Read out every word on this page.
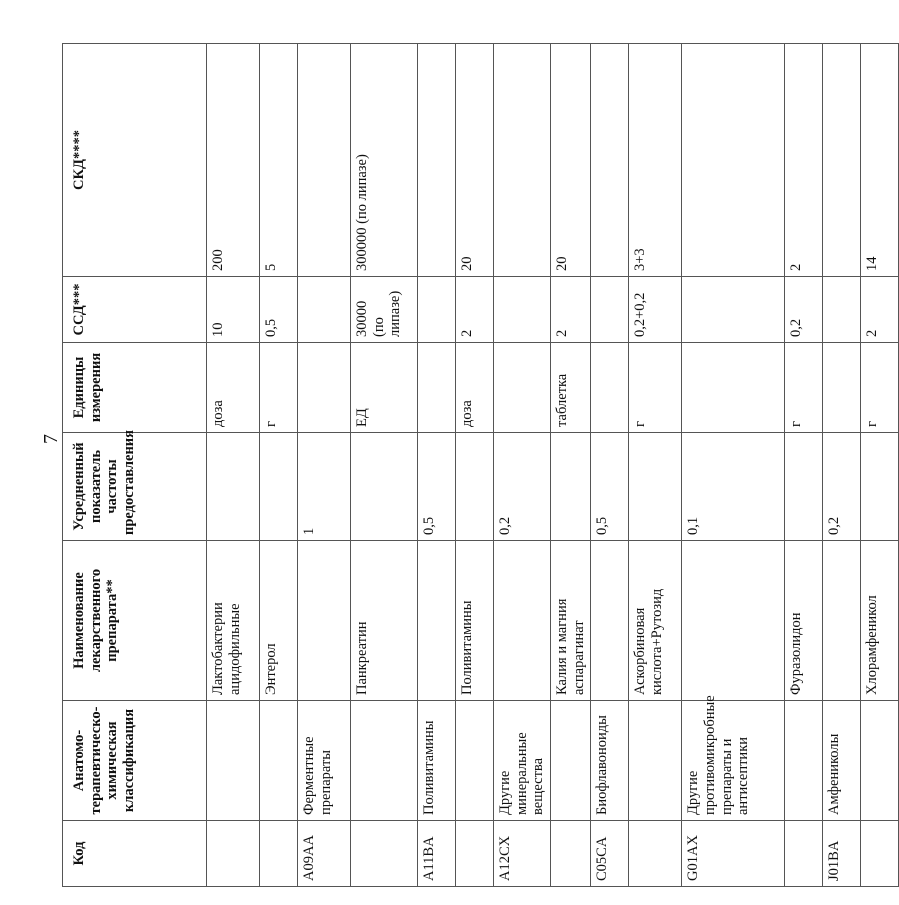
7
Код	Анатомо-терапевтическо-химическая классификация	Наименование лекарственного препарата**	Усредненный показатель частоты предоставления	Единицы измерения	ССД***	СКД****
		Лактобактерии ацидофильные		доза	10	200
		Энтерол		г	0,5	5
A09AA	Ферментные препараты		1			
		Панкреатин		ЕД	30000 (по липазе)	300000 (по липазе)
A11BA	Поливитамины		0,5			
		Поливитамины		доза	2	20
A12CX	Другие минеральные вещества		0,2			
		Калия и магния аспарагинат		таблетка	2	20
C05CA	Биофлавоноиды		0,5			
		Аскорбиновая кислота+Рутозид		г	0,2+0,2	3+3
G01AX	Другие противомикробные препараты и антисептики		0,1			
		Фуразолидон		г	0,2	2
J01BA	Амфениколы		0,2			
		Хлорамфеникол		г	2	14
